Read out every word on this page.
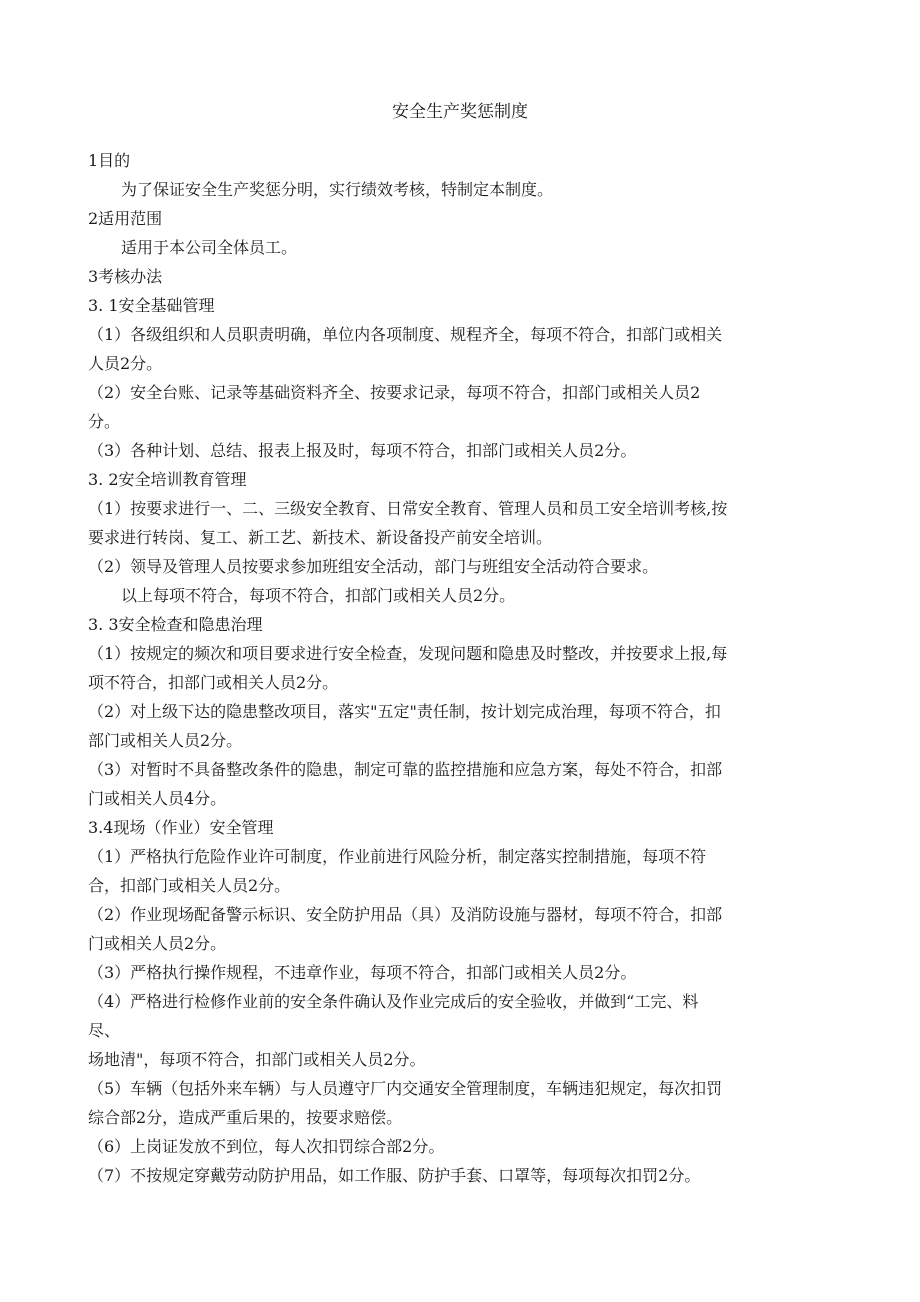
安全生产奖惩制度
1目的
为了保证安全生产奖惩分明，实行绩效考核，特制定本制度。
2适用范围
适用于本公司全体员工。
3考核办法
3. 1安全基础管理
（1）各级组织和人员职责明确，单位内各项制度、规程齐全，每项不符合，扣部门或相关
人员2分。
（2）安全台账、记录等基础资料齐全、按要求记录，每项不符合，扣部门或相关人员2
分。
（3）各种计划、总结、报表上报及时，每项不符合，扣部门或相关人员2分。
3. 2安全培训教育管理
（1）按要求进行一、二、三级安全教育、日常安全教育、管理人员和员工安全培训考核,按
要求进行转岗、复工、新工艺、新技术、新设备投产前安全培训。
（2）领导及管理人员按要求参加班组安全活动，部门与班组安全活动符合要求。
以上每项不符合，每项不符合，扣部门或相关人员2分。
3. 3安全检查和隐患治理
（1）按规定的频次和项目要求进行安全检查，发现问题和隐患及时整改，并按要求上报,每
项不符合，扣部门或相关人员2分。
（2）对上级下达的隐患整改项目，落实"五定"责任制，按计划完成治理，每项不符合，扣
部门或相关人员2分。
（3）对暂时不具备整改条件的隐患，制定可靠的监控措施和应急方案，每处不符合，扣部
门或相关人员4分。
3.4现场（作业）安全管理
（1）严格执行危险作业许可制度，作业前进行风险分析，制定落实控制措施，每项不符
合，扣部门或相关人员2分。
（2）作业现场配备警示标识、安全防护用品（具）及消防设施与器材，每项不符合，扣部
门或相关人员2分。
（3）严格执行操作规程，不违章作业，每项不符合，扣部门或相关人员2分。
（4）严格进行检修作业前的安全条件确认及作业完成后的安全验收，并做到“工完、料
尽、
场地清"，每项不符合，扣部门或相关人员2分。
（5）车辆（包括外来车辆）与人员遵守厂内交通安全管理制度，车辆违犯规定，每次扣罚
综合部2分，造成严重后果的，按要求赔偿。
（6）上岗证发放不到位，每人次扣罚综合部2分。
（7）不按规定穿戴劳动防护用品，如工作服、防护手套、口罩等，每项每次扣罚2分。
